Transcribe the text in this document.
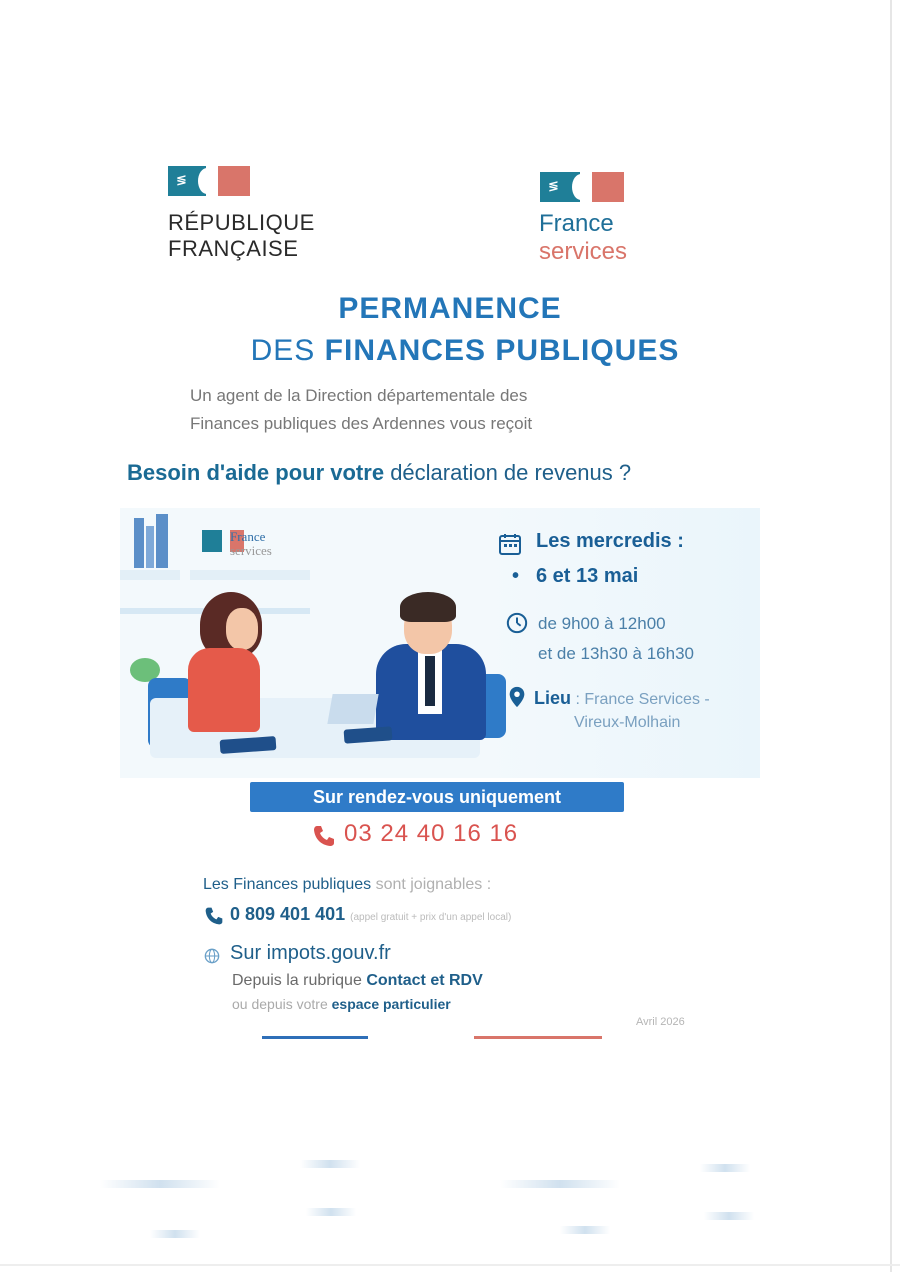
≶
RÉPUBLIQUE
FRANÇAISE
≶
France
services
PERMANENCE
DES FINANCES PUBLIQUES
Un agent de la Direction départementale des
Finances publiques des Ardennes vous reçoit
Besoin d'aide pour votre déclaration de revenus ?
France
services	Les mercredis :
• 6 et 13 mai
de 9h00 à 12h00
et de 13h30 à 16h30
Lieu : France Services -
Vireux-Molhain
Sur rendez-vous uniquement
03 24 40 16 16
Les Finances publiques sont joignables :
0 809 401 401 (appel gratuit + prix d'un appel local)
Sur impots.gouv.fr
Depuis la rubrique Contact et RDV
ou depuis votre espace particulier
Avril 2026
